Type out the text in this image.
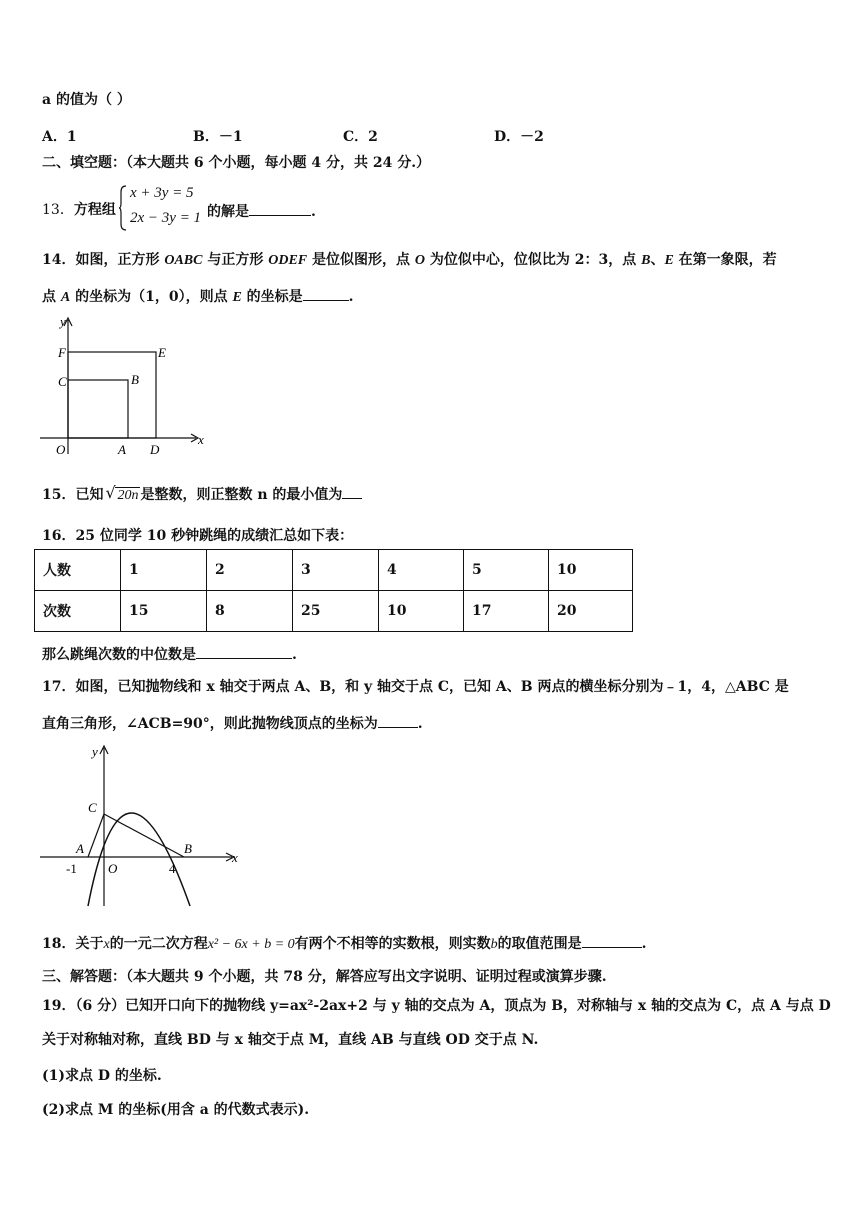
a 的值为（ ）
A．1	B．－1	C．2	D．－2
二、填空题：（本大题共 6 个小题，每小题 4 分，共 24 分.）
13．方程组
x + 3y = 5
2x − 3y = 1 的解是	.
14．如图，正方形 OABC 与正方形 ODEF 是位似图形，点 O 为位似中心，位似比为 2：3，点 B、E 在第一象限，若
点 A 的坐标为（1，0），则点 E 的坐标是	.
y
x
F	E
C	B
O	A D
15．已知 √ 20n 是整数，则正整数 n 的最小值为
16．25 位同学 10 秒钟跳绳的成绩汇总如下表：
人数	1	2	3	4	5	10
次数	15	8	25	10	17	20
那么跳绳次数的中位数是	.
17．如图，已知抛物线和 x 轴交于两点 A、B，和 y 轴交于点 C，已知 A、B 两点的横坐标分别为﹣1，4，△ABC 是
直角三角形，∠ACB=90°，则此抛物线顶点的坐标为	.
y
x
C
A	B
-1 O	4
18．关于x的一元二次方程x² − 6x + b = 0有两个不相等的实数根，则实数b的取值范围是	.
三、解答题：（本大题共 9 个小题，共 78 分，解答应写出文字说明、证明过程或演算步骤.
19．（6 分）已知开口向下的抛物线 y=ax²-2ax+2 与 y 轴的交点为 A，顶点为 B，对称轴与 x 轴的交点为 C，点 A 与点 D
关于对称轴对称，直线 BD 与 x 轴交于点 M，直线 AB 与直线 OD 交于点 N.
(1)求点 D 的坐标.
(2)求点 M 的坐标(用含 a 的代数式表示).
